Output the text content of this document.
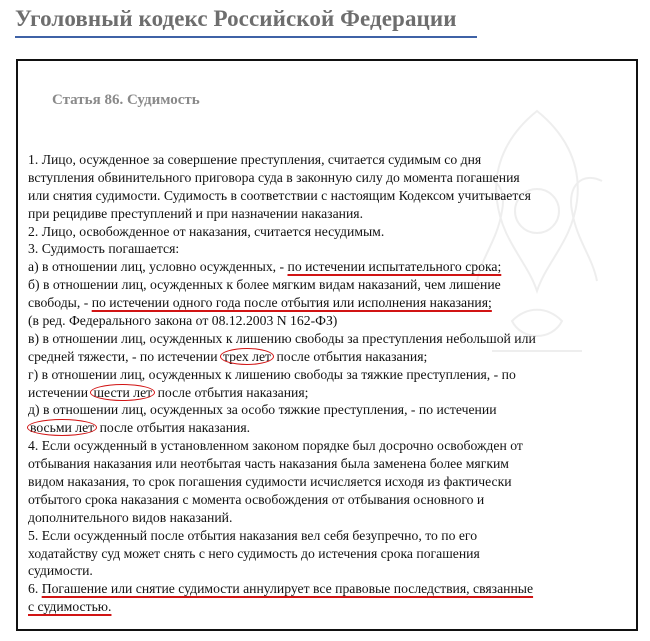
Уголовный кодекс Российской Федерации
Статья 86. Судимость
1. Лицо, осужденное за совершение преступления, считается судимым со дня
вступления обвинительного приговора суда в законную силу до момента погашения
или снятия судимости. Судимость в соответствии с настоящим Кодексом учитывается
при рецидиве преступлений и при назначении наказания.
2. Лицо, освобожденное от наказания, считается несудимым.
3. Судимость погашается:
а) в отношении лиц, условно осужденных, - по истечении испытательного срока;
б) в отношении лиц, осужденных к более мягким видам наказаний, чем лишение
свободы, - по истечении одного года после отбытия или исполнения наказания;
(в ред. Федерального закона от 08.12.2003 N 162-ФЗ)
в) в отношении лиц, осужденных к лишению свободы за преступления небольшой или
средней тяжести, - по истечении трех лет после отбытия наказания;
г) в отношении лиц, осужденных к лишению свободы за тяжкие преступления, - по
истечении шести лет после отбытия наказания;
д) в отношении лиц, осужденных за особо тяжкие преступления, - по истечении
восьми лет после отбытия наказания.
4. Если осужденный в установленном законом порядке был досрочно освобожден от
отбывания наказания или неотбытая часть наказания была заменена более мягким
видом наказания, то срок погашения судимости исчисляется исходя из фактически
отбытого срока наказания с момента освобождения от отбывания основного и
дополнительного видов наказаний.
5. Если осужденный после отбытия наказания вел себя безупречно, то по его
ходатайству суд может снять с него судимость до истечения срока погашения
судимости.
6. Погашение или снятие судимости аннулирует все правовые последствия, связанные
с судимостью.
